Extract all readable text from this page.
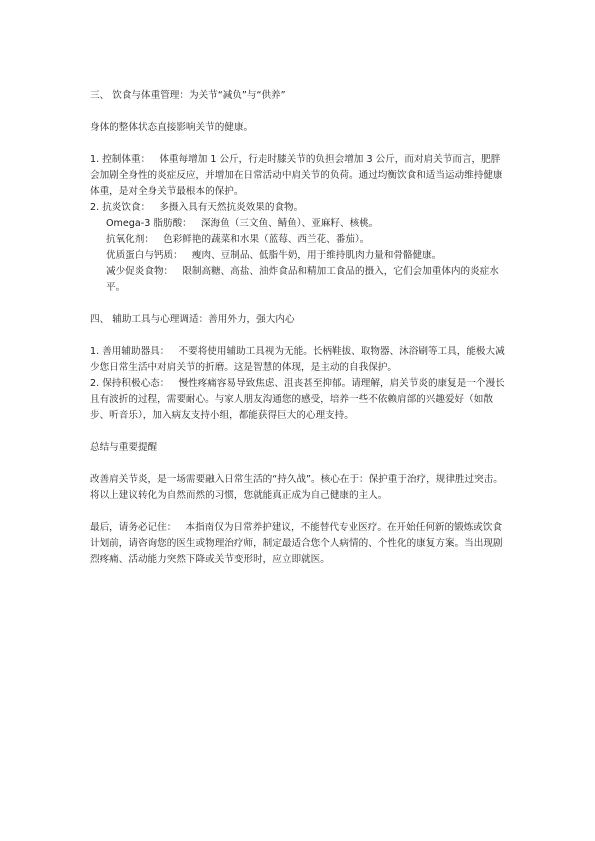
三、 饮食与体重管理：为关节“减负”与“供养”

身体的整体状态直接影响关节的健康。

1. 控制体重： 体重每增加 1 公斤，行走时膝关节的负担会增加 3 公斤，而对肩关节而言，肥胖会加剧全身性的炎症反应，并增加在日常活动中肩关节的负荷。通过均衡饮食和适当运动维持健康体重，是对全身关节最根本的保护。

2. 抗炎饮食： 多摄入具有天然抗炎效果的食物。

Omega-3 脂肪酸： 深海鱼（三文鱼、鲭鱼）、亚麻籽、核桃。

抗氧化剂： 色彩鲜艳的蔬菜和水果（蓝莓、西兰花、番茄）。

优质蛋白与钙质： 瘦肉、豆制品、低脂牛奶，用于维持肌肉力量和骨骼健康。

减少促炎食物： 限制高糖、高盐、油炸食品和精加工食品的摄入，它们会加重体内的炎症水平。

四、 辅助工具与心理调适：善用外力，强大内心

1. 善用辅助器具： 不要将使用辅助工具视为无能。长柄鞋拔、取物器、沐浴刷等工具，能极大减少您日常生活中对肩关节的折磨。这是智慧的体现，是主动的自我保护。

2. 保持积极心态： 慢性疼痛容易导致焦虑、沮丧甚至抑郁。请理解，肩关节炎的康复是一个漫长且有波折的过程，需要耐心。与家人朋友沟通您的感受，培养一些不依赖肩部的兴趣爱好（如散步、听音乐），加入病友支持小组，都能获得巨大的心理支持。

总结与重要提醒

改善肩关节炎，是一场需要融入日常生活的“持久战”。核心在于：保护重于治疗，规律胜过突击。 将以上建议转化为自然而然的习惯，您就能真正成为自己健康的主人。

最后，请务必记住： 本指南仅为日常养护建议，不能替代专业医疗。在开始任何新的锻炼或饮食计划前，请咨询您的医生或物理治疗师，制定最适合您个人病情的、个性化的康复方案。当出现剧烈疼痛、活动能力突然下降或关节变形时，应立即就医。
